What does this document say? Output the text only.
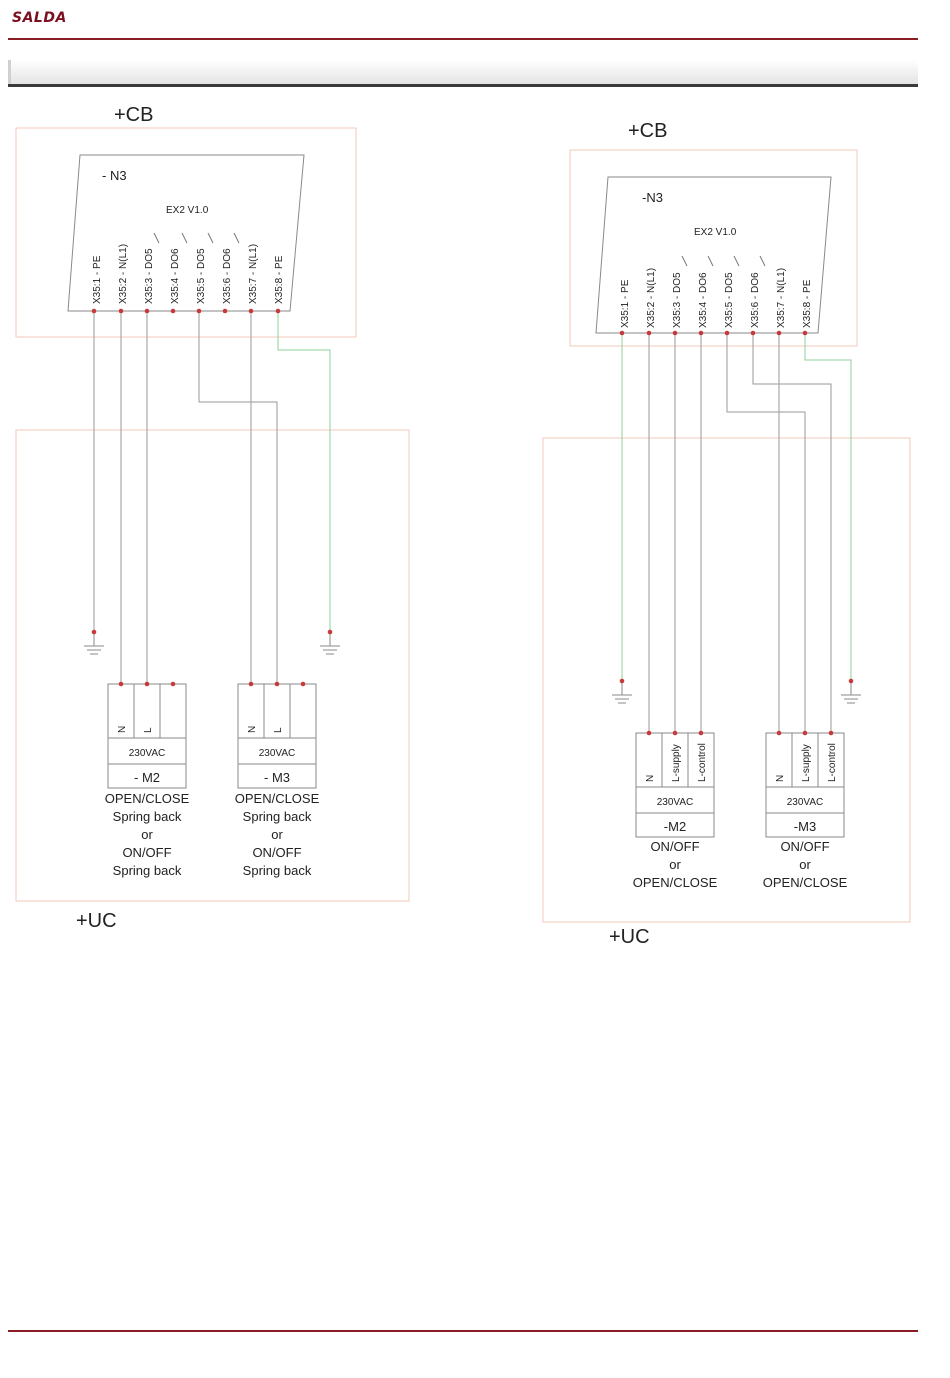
SALDA
+CB
+UC
- N3
EX2 V1.0
X35:1 - PE X35:2 - N(L1) X35:3 - DO5 X35:4 - DO6 X35:5 - DO5 X35:6 - DO6 X35:7 - N(L1) X35:8 - PE
N L
230VAC
- M2
OPEN/CLOSE
Spring back
or
ON/OFF
Spring back
N L
230VAC
- M3
OPEN/CLOSE
Spring back
or
ON/OFF
Spring back
+CB
+UC
-N3
EX2 V1.0
X35:1 - PE X35:2 - N(L1) X35:3 - DO5 X35:4 - DO6 X35:5 - DO5 X35:6 - DO6 X35:7 - N(L1) X35:8 - PE
N L-supply L-control
230VAC
-M2
ON/OFF
or
OPEN/CLOSE
N L-supply L-control
230VAC
-M3
ON/OFF
or
OPEN/CLOSE
